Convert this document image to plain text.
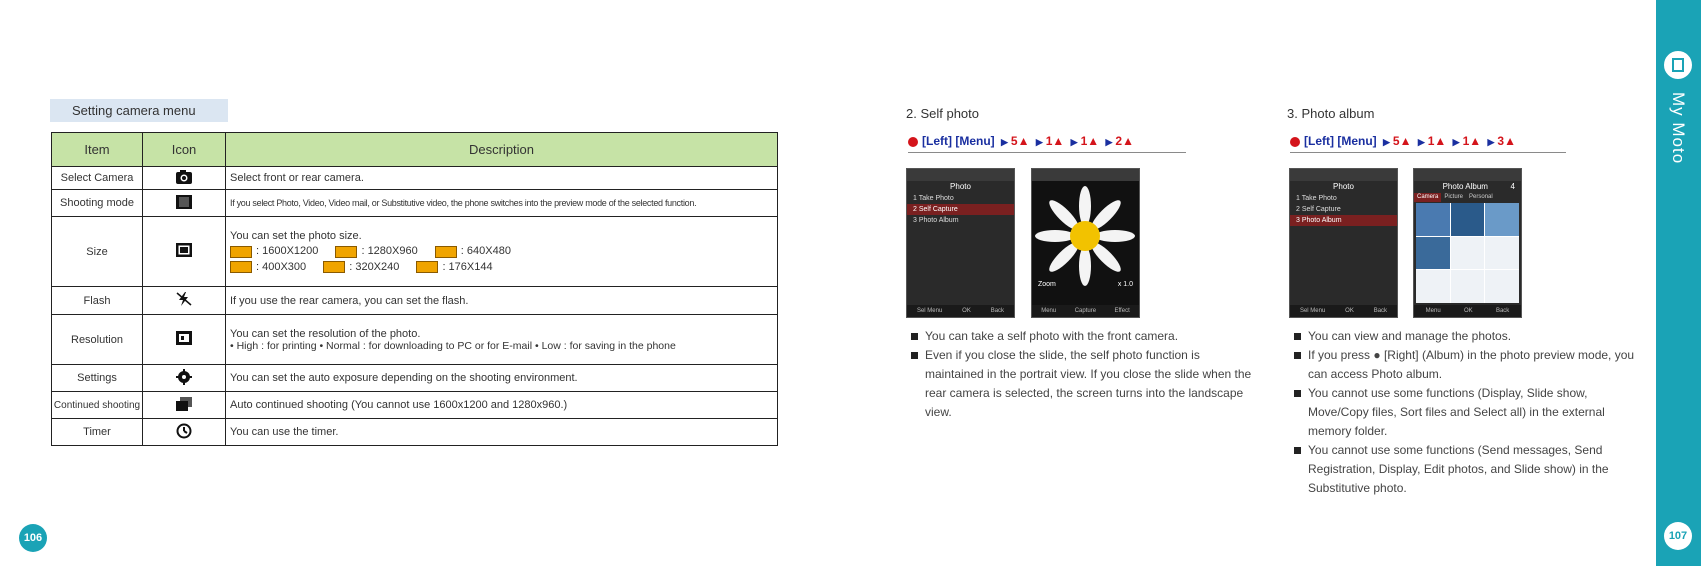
Setting camera menu
Item	Icon	Description
Select Camera		Select front or rear camera.
Shooting mode		If you select Photo, Video, Video mail, or Substitutive video, the phone switches into the preview mode of the selected function.
Size		You can set the photo size.
: 1600X1200 : 1280X960 : 640X480
: 400X300 : 320X240 : 176X144

Flash		If you use the rear camera, you can set the flash.
Resolution		You can set the resolution of the photo.
• High : for printing • Normal : for downloading to PC or for E-mail • Low : for saving in the phone

Settings		You can set the auto exposure depending on the shooting environment.
Continued shooting		Auto continued shooting (You cannot use 1600x1200 and 1280x960.)
Timer		You can use the timer.
106
2. Self photo
[Left] [Menu] ▶ 5▲ ▶ 1▲ ▶ 1▲ ▶ 2▲
Photo
1 Take Photo
2 Self Capture
3 Photo Album
Sel Menu	OK	Back
Zoom	x 1.0
Menu	Capture	Effect
You can take a self photo with the front camera.
Even if you close the slide, the self photo function is maintained in the portrait view. If you close the slide when the rear camera is selected, the screen turns into the landscape view.
3. Photo album
[Left] [Menu] ▶ 5▲ ▶ 1▲ ▶ 1▲ ▶ 3▲
Photo
1 Take Photo
2 Self Capture
3 Photo Album
Sel Menu	OK	Back
Photo Album	4
Camera	Picture	Personal
Menu	OK	Back
You can view and manage the photos.
If you press ● [Right] (Album) in the photo preview mode, you can access Photo album.
You cannot use some functions (Display, Slide show, Move/Copy files, Sort files and Select all) in the external memory folder.
You cannot use some functions (Send messages, Send Registration, Display, Edit photos, and Slide show) in the Substitutive photo.
My Moto
107
